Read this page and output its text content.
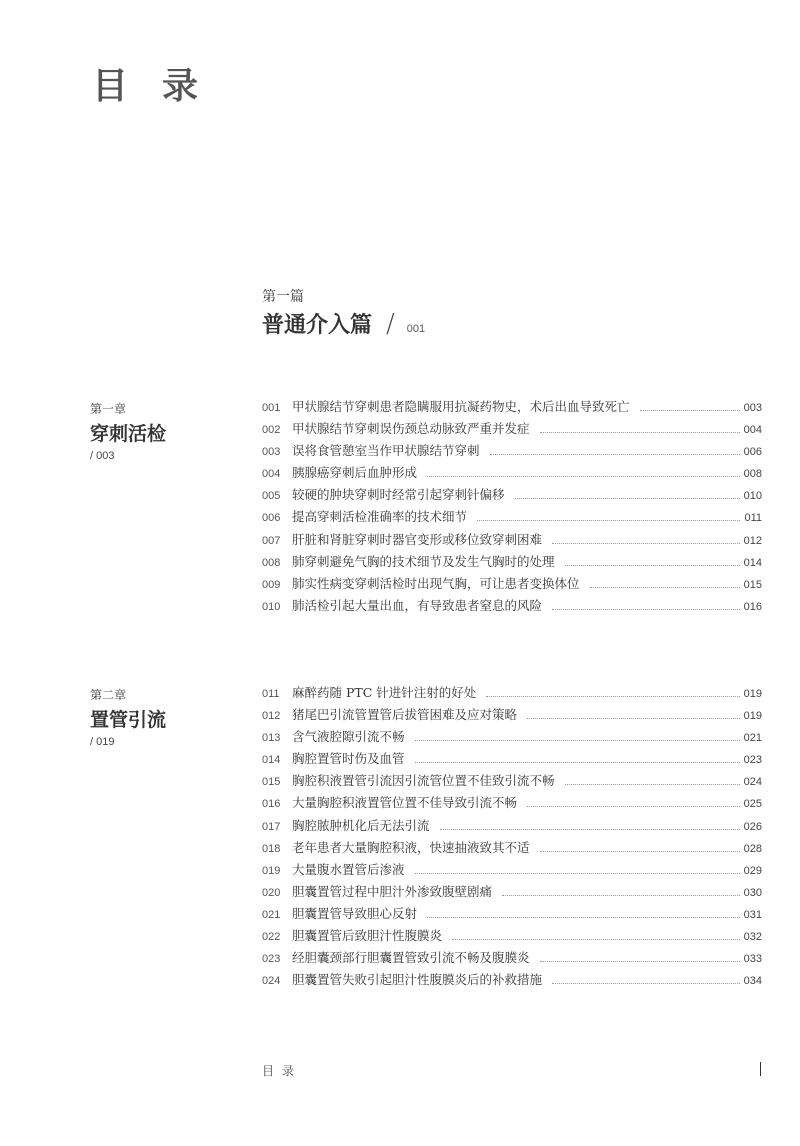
目录
第一篇
普通介入篇 / 001
第一章
穿刺活检
/ 003
001 甲状腺结节穿刺患者隐瞒服用抗凝药物史，术后出血导致死亡	003
002 甲状腺结节穿刺误伤颈总动脉致严重并发症	004
003 误将食管憩室当作甲状腺结节穿刺	006
004 胰腺癌穿刺后血肿形成	008
005 较硬的肿块穿刺时经常引起穿刺针偏移	010
006 提高穿刺活检准确率的技术细节	011
007 肝脏和肾脏穿刺时器官变形或移位致穿刺困难	012
008 肺穿刺避免气胸的技术细节及发生气胸时的处理	014
009 肺实性病变穿刺活检时出现气胸，可让患者变换体位	015
010 肺活检引起大量出血，有导致患者窒息的风险	016
第二章
置管引流
/ 019
011 麻醉药随 PTC 针进针注射的好处	019
012 猪尾巴引流管置管后拔管困难及应对策略	019
013 含气液腔隙引流不畅	021
014 胸腔置管时伤及血管	023
015 胸腔积液置管引流因引流管位置不佳致引流不畅	024
016 大量胸腔积液置管位置不佳导致引流不畅	025
017 胸腔脓肿机化后无法引流	026
018 老年患者大量胸腔积液，快速抽液致其不适	028
019 大量腹水置管后渗液	029
020 胆囊置管过程中胆汁外渗致腹壁剧痛	030
021 胆囊置管导致胆心反射	031
022 胆囊置管后致胆汁性腹膜炎	032
023 经胆囊颈部行胆囊置管致引流不畅及腹膜炎	033
024 胆囊置管失败引起胆汁性腹膜炎后的补救措施	034
目录
